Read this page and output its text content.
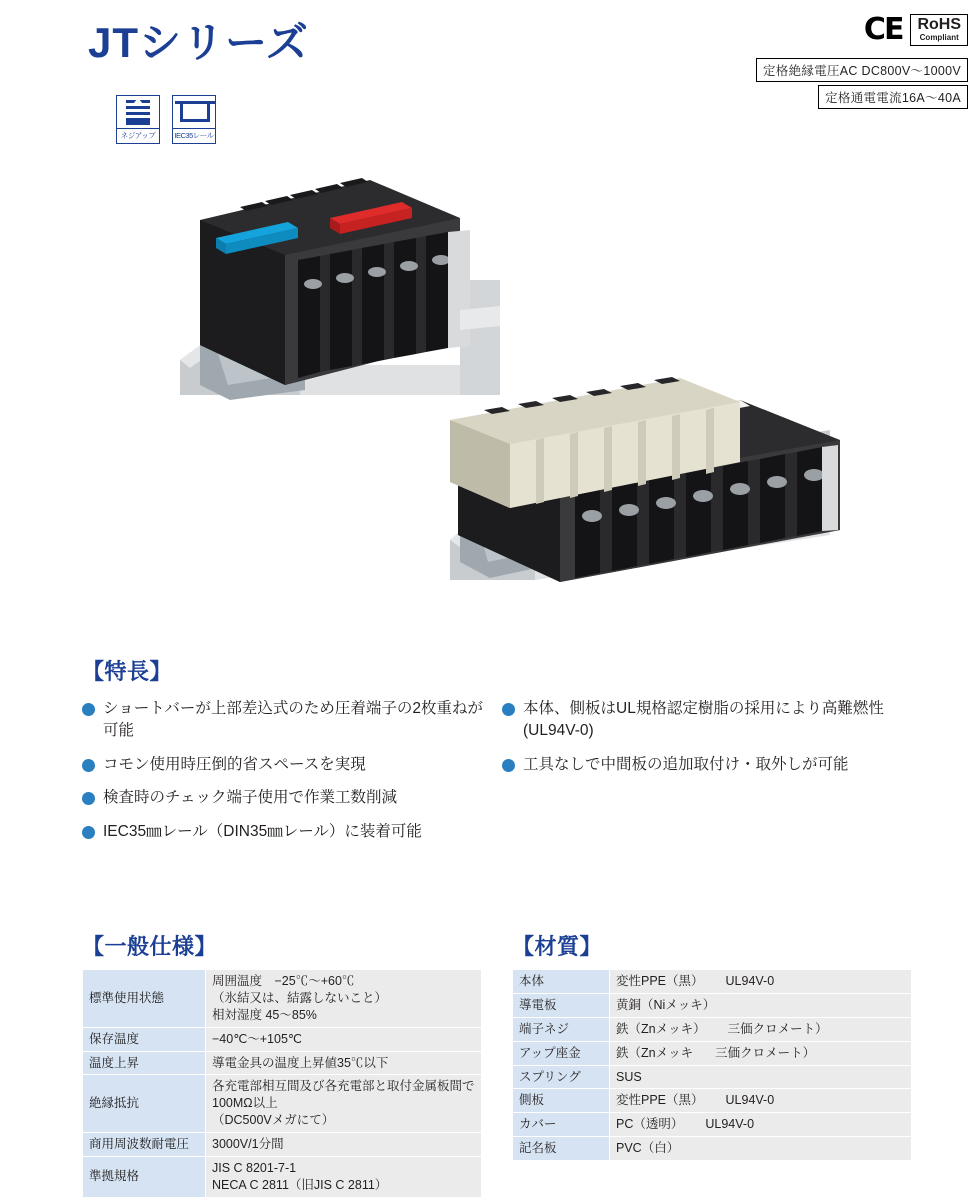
JTシリーズ	CE RoHS
Compliant
定格絶縁電圧AC DC800V〜1000V
定格通電電流16A〜40A
ネジアップ	IEC35レール
【特長】
ショートバーが上部差込式のため圧着端子の2枚重ねが可能
コモン使用時圧倒的省スペースを実現
検査時のチェック端子使用で作業工数削減
IEC35㎜レール（DIN35㎜レール）に装着可能
本体、側板はUL規格認定樹脂の採用により高難燃性(UL94V-0)
工具なしで中間板の追加取付け・取外しが可能
【一般仕様】
標準使用状態	周囲温度　−25℃〜+60℃
（氷結又は、結露しないこと）
相対湿度 45〜85%
保存温度	−40℃〜+105℃
温度上昇	導電金具の温度上昇値35℃以下
絶縁抵抗	各充電部相互間及び各充電部と取付金属板間で100MΩ以上
（DC500Vメガにて）
商用周波数耐電圧	3000V/1分間
準拠規格	JIS C 8201-7-1
NECA C 2811（旧JIS C 2811）
【材質】
本体	変性PPE（黒） UL94V-0
導電板	黄銅（Niメッキ）
端子ネジ	鉄（Znメッキ） 三価クロメート）
アップ座金	鉄（Znメッキ 三価クロメート）
スプリング	SUS
側板	変性PPE（黒） UL94V-0
カバー	PC（透明） UL94V-0
記名板	PVC（白）
